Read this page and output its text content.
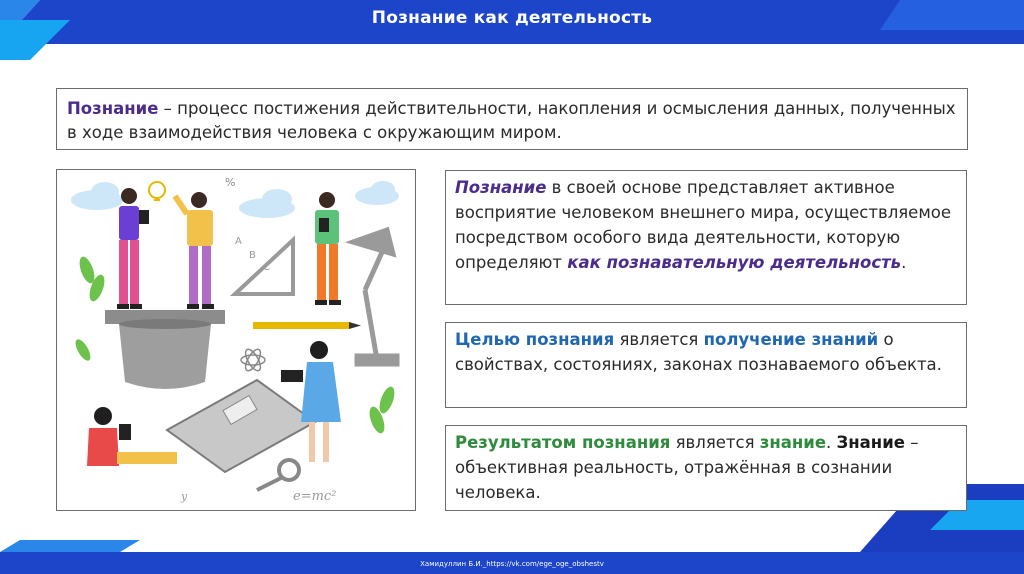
Познание как деятельность
Познание – процесс постижения действительности, накопления и осмысления данных, полученных в ходе взаимодействия человека с окружающим миром.
%
A
B
C
e=mc²
y
Познание в своей основе представляет активное восприятие человеком внешнего мира, осуществляемое посредством особого вида деятельности, которую определяют как познавательную деятельность.
Целью познания является получение знаний о свойствах, состояниях, законах познаваемого объекта.
Результатом познания является знание. Знание – объективная реальность, отражённая в сознании человека.
Хамидуллин Б.И._https://vk.com/ege_oge_obshestv
